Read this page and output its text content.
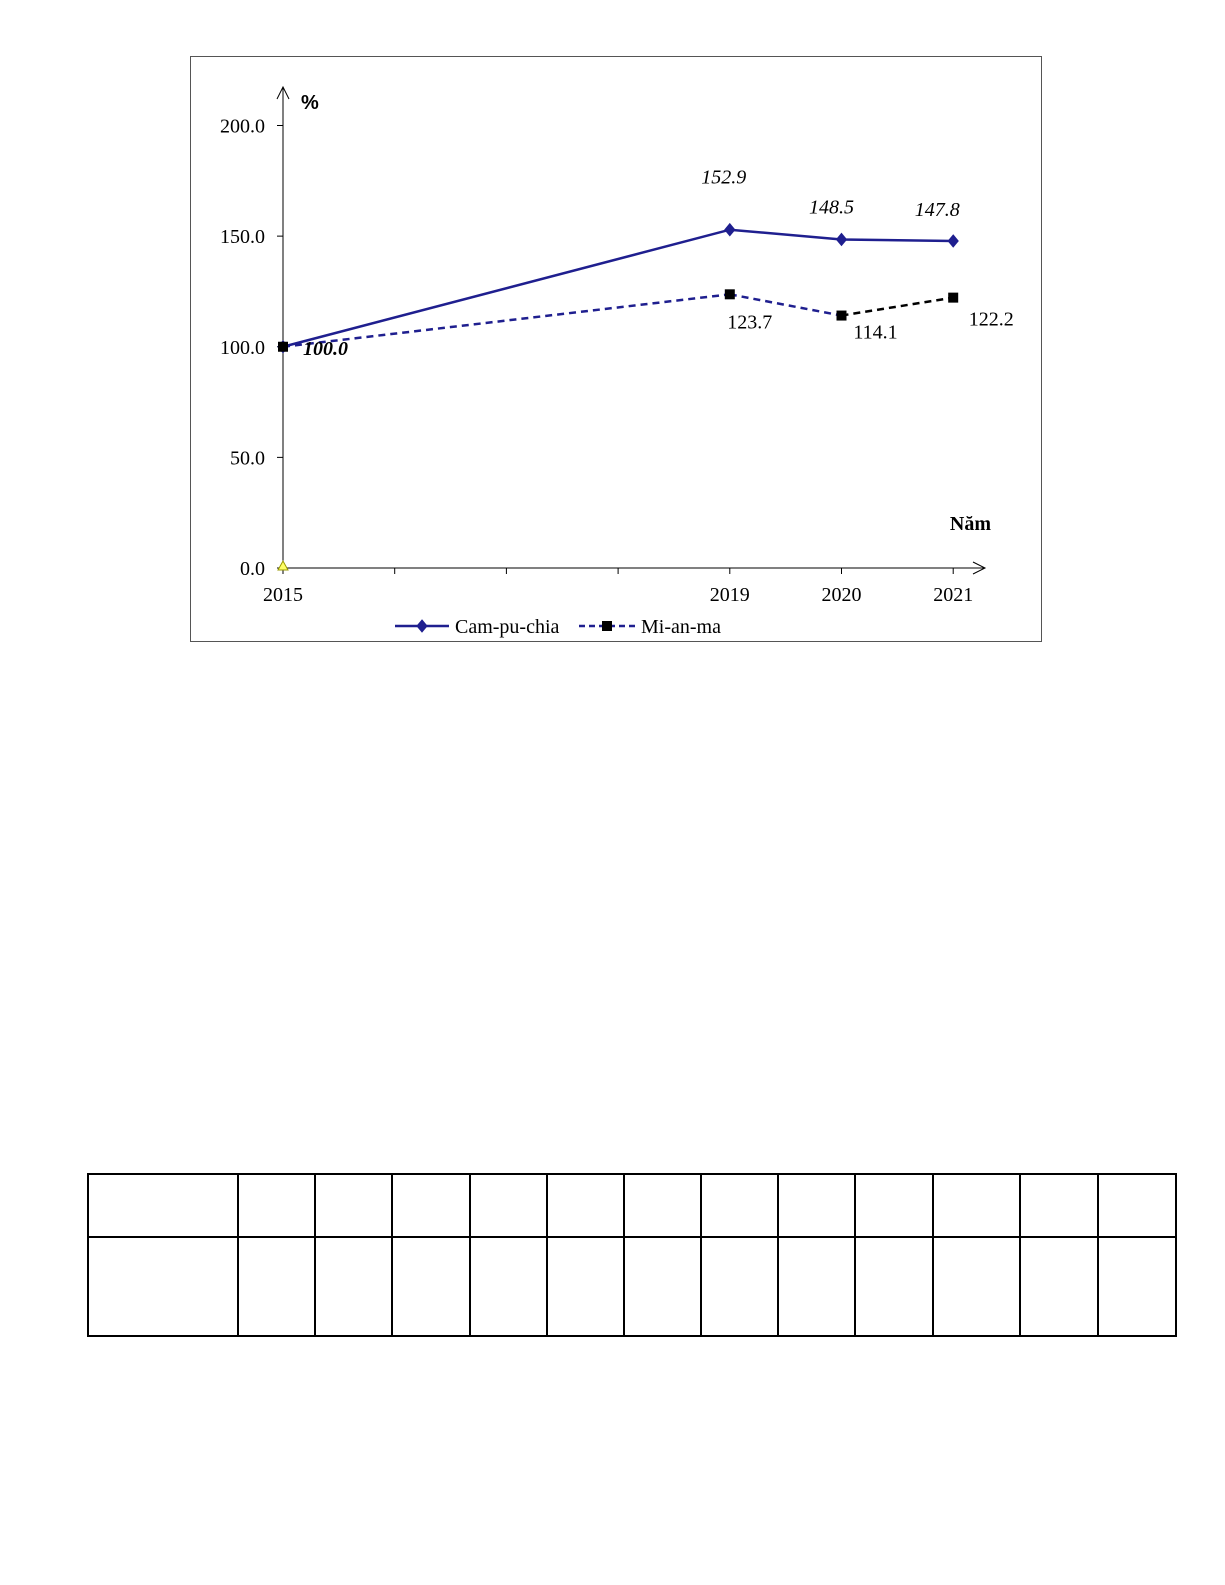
%
Năm
0.0
50.0
100.0
150.0
200.0
2015	2019	2020	2021
100.0
152.9
148.5	147.8
123.7	114.1
122.2
Cam-pu-chia	Mi-an-ma
